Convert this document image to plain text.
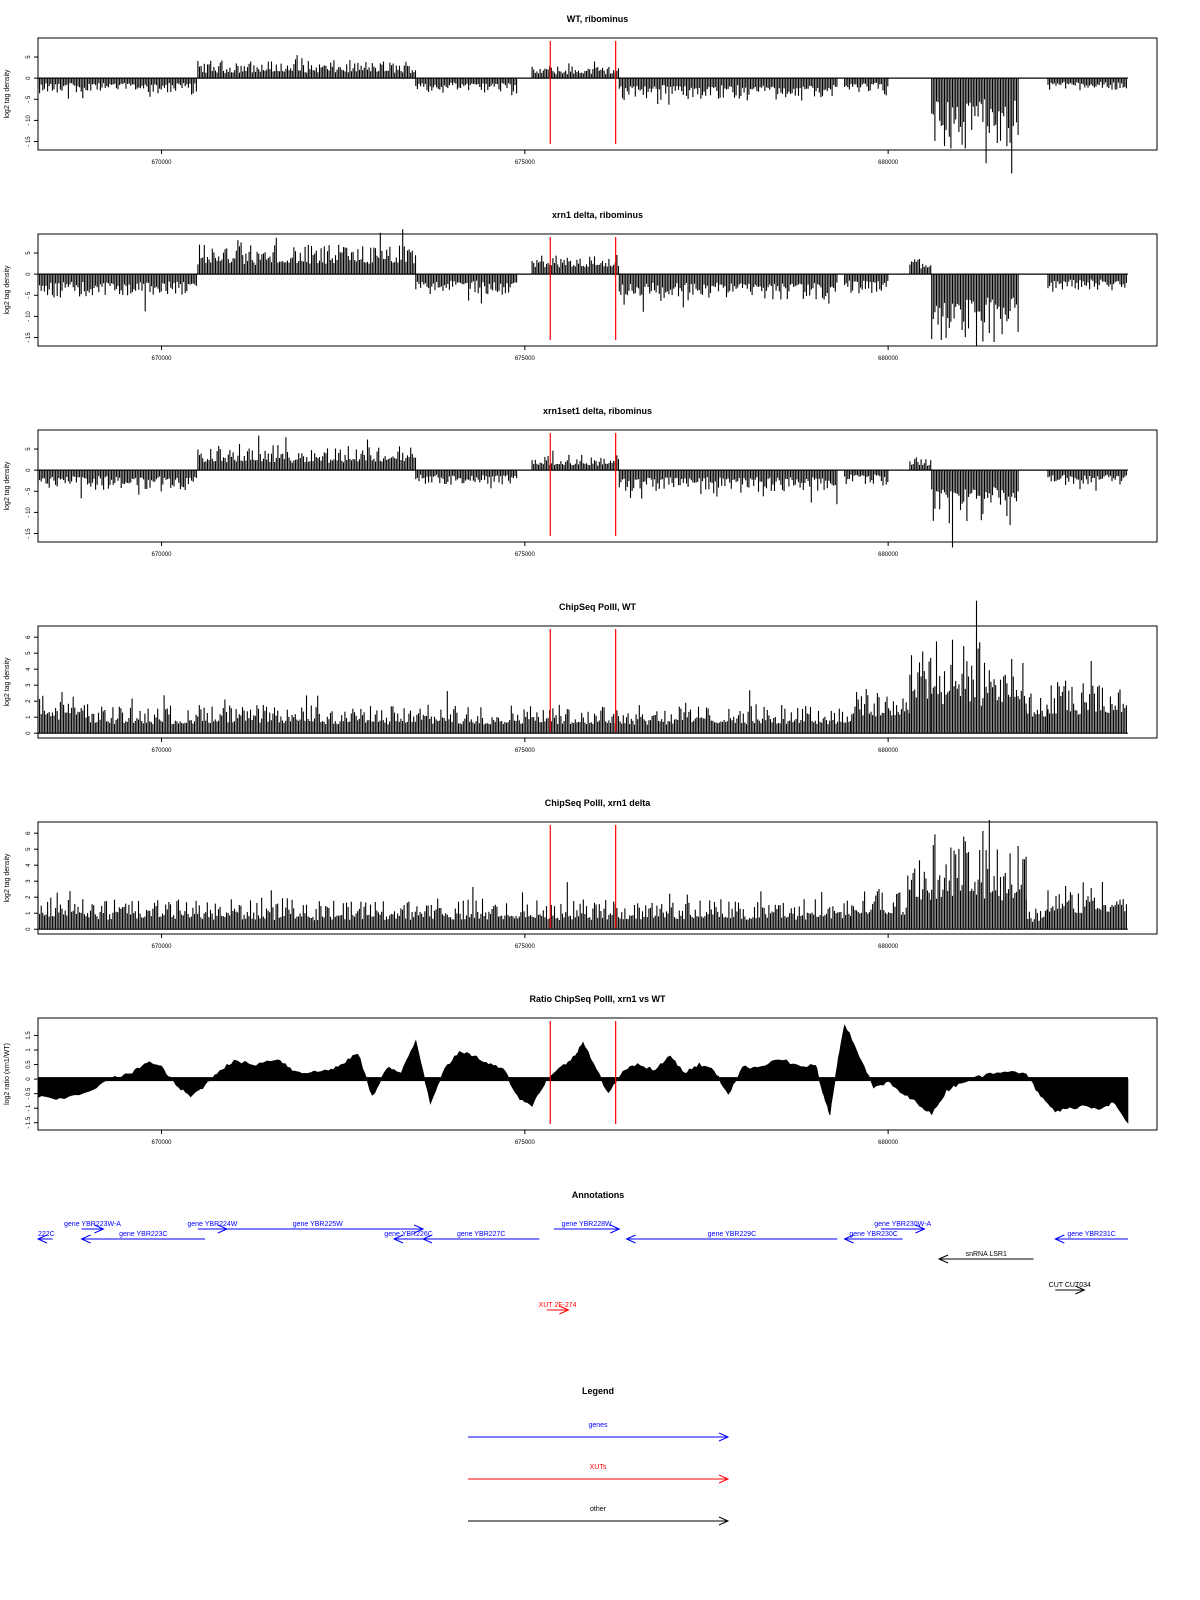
WT, ribominus
log2 tag density
5
0
- 5
- 10
- 15
670000	675000	680000
xrn1 delta, ribominus
log2 tag density
5
0
- 5
- 10
- 15
670000	675000	680000
xrn1set1 delta, ribominus
log2 tag density
5
0
- 5
- 10
- 15
670000	675000	680000
ChipSeq PolII, WT
log2 tag density
6
5
4
3
2
1
0
670000	675000	680000
ChipSeq PolII, xrn1 delta
log2 tag density
6
5
4
3
2
1
0
670000	675000	680000
Ratio ChipSeq PolII, xrn1 vs WT
log2 ratio (xrn1/WT)
1.5
1
0.5
0
- 0.5
- 1
- 1.5
670000	675000	680000
Annotations
222C
gene YBR223W-A
gene YBR223C
gene YBR224W	gene YBR225W
gene YBR226C	gene YBR227C
gene YBR228W
gene YBR229C	gene YBR230C
gene YBR230W-A
snRNA LSR1
gene YBR231C
CUT CUT034
XUT 2F-274
Legend
genes
XUTs
other
